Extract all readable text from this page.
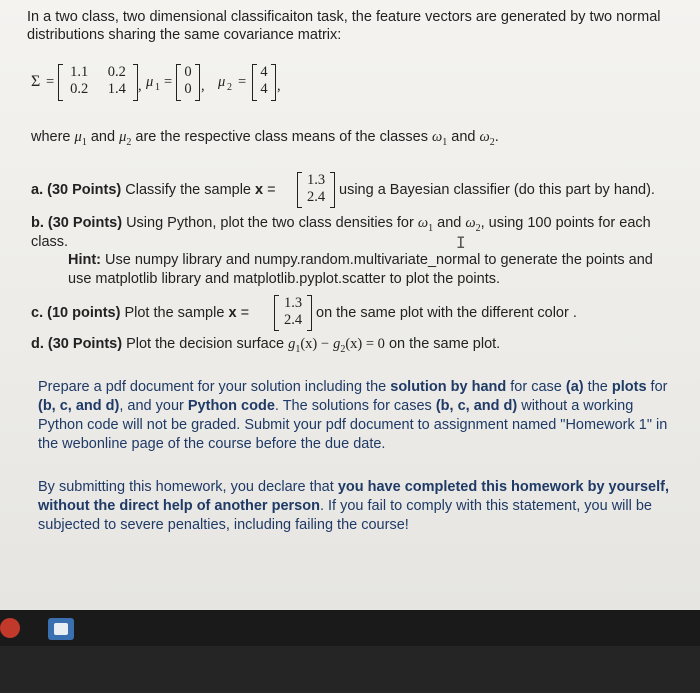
In a two class, two dimensional classificaiton task, the feature vectors are generated by two normal
distributions sharing the same covariance matrix:
Σ =
1.1 0.2
0.2 1.4 , μ 1 =
0
0 , μ 2 =
4
4 ,
where $\mu_1$ and $\mu_2$ are the respective class means of the classes $\omega_1$ and $\omega_2$.
a. (30 Points) Classify the sample x =
1.3
2.4 using a Bayesian classifier (do this part by hand).
b. (30 Points) Using Python, plot the two class densities for $\omega_1$ and $\omega_2$, using 100 points for each
class.
Hint: Use numpy library and numpy.random.multivariate_normal to generate the points and
use matplotlib library and matplotlib.pyplot.scatter to plot the points.
I
c. (10 points) Plot the sample x =
1.3
2.4 on the same plot with the different color .
d. (30 Points) Plot the decision surface $g_1(x) - g_2(x) = 0$ on the same plot.
Prepare a pdf document for your solution including the solution by hand for case (a) the plots for
(b, c, and d), and your Python code. The solutions for cases (b, c, and d) without a working
Python code will not be graded. Submit your pdf document to assignment named "Homework 1" in
the webonline page of the course before the due date.
By submitting this homework, you declare that you have completed this homework by yourself,
without the direct help of another person. If you fail to comply with this statement, you will be
subjected to severe penalties, including failing the course!
